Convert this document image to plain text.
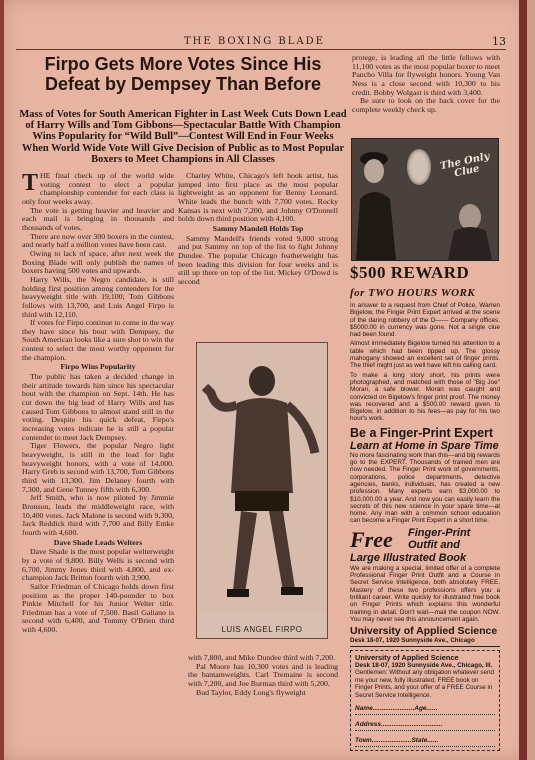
THE BOXING BLADE	13
Firpo Gets More Votes Since His Defeat by Dempsey Than Before
Mass of Votes for South American Fighter in Last Week Cuts Down Lead of Harry Wills and Tom Gibbons—Spectacular Battle With Champion Wins Popularity for “Wild Bull”—Contest Will End in Four Weeks When World Wide Vote Will Give Decision of Public as to Most Popular Boxers to Meet Champions in All Classes

THE final check up of the world wide voting contest to elect a popular championship contender for each class is only four weeks away.

The vote is getting heavier and heavier and each mail is bringing in thousands and thousands of votes.

There are now over 300 boxers in the contest, and nearly half a million votes have been cast.

Owing to lack of space, after next week the Boxing Blade will only publish the names of boxers having 500 votes and upwards.

Harry Wills, the Negro candidate, is still holding first position among contenders for the heavyweight title with 19,100; Tom Gibbons follows with 13,700, and Luis Angel Firpo is third with 12,110.

If votes for Firpo continue to come in the way they have since his bout with Dempsey, the South American looks like a sure shot to win the contest to select the most worthy opponent for the champion.

Firpo Wins Popularity

The public has taken a decided change in their attitude towards him since his spectacular bout with the champion on Sept. 14th. He has cut down the big lead of Harry Wills and has caused Tom Gibbons to almost stand still in the voting. Despite his quick defeat, Firpo's increasing votes indicate he is still a popular contender to meet Jack Dempsey.

Tiger Flowers, the popular Negro light heavyweight, is still in the lead for light heavyweight honors, with a vote of 14,000. Harry Greb is second with 13,700, Tom Gibbons third with 13,300, Jim Delaney fourth with 7,300, and Gene Tunney fifth with 6,300.

Jeff Smith, who is now piloted by Jimmie Bronson, leads the middleweight race, with 10,400 votes. Jack Malone is second with 9,300, Jack Reddick third with 7,700 and Billy Emke fourth with 4,600.

Dave Shade Leads Welters

Dave Shade is the most popular welterweight by a vote of 9,800. Billy Wells is second with 6,700, Jimmy Jones third with 4,800, and ex-champion Jack Britton fourth with 3,900.

Sailor Friedman of Chicago holds down first position as the proper 140-pounder to box Pinkie Mitchell for his Junior Welter title. Friedman has a vote of 7,500. Basil Galiano is second with 6,400, and Tommy O'Brien third with 4,600.

Charley White, Chicago's left hook artist, has jumped into first place as the most popular lightweight as an opponent for Benny Leonard. White leads the bunch with 7,700 votes. Rocky Kansas is next with 7,200, and Johnny O'Donnell holds down third position with 4,100.

Sammy Mandell Holds Top

Sammy Mandell's friends voted 9,000 strong and put Sammy on top of the list to fight Johnny Dundee. The popular Chicago featherweight has been leading this division for four weeks and is still up there on top of the list. Mickey O'Dowd is second

LUIS ANGEL FIRPO

with 7,800, and Mike Dundee third with 7,200.

Pal Moore has 10,300 votes and is leading the bantamweights. Carl Tremaine is second with 7,200, and Joe Burman third with 5,200.

Bud Taylor, Eddy Long's flyweight

protege, is leading all the little fellows with 11,100 votes as the most popular boxer to meet Pancho Villa for flyweight honors. Young Van Ness is a close second with 10,300 to his credit. Bobby Wolgast is third with 3,400.

Be sure to look on the back cover for the complete weekly check up.

The Only Clue
$500 REWARD
for TWO HOURS WORK

In answer to a request from Chief of Police, Warren Bigelow, the Finger Print Expert arrived at the scene of the daring robbery of the O—— Company offices. $5000.00 in currency was gone. Not a single clue had been found.

Almost immediately Bigelow turned his attention to a table which had been tipped up. The glossy mahogany showed an excellent set of finger prints. The thief might just as well have left his calling card.

To make a long story short, his prints were photographed, and matched with those of "Big Joe" Moran, a safe blower. Moran was caught and convicted on Bigelow's finger print proof. The money was recovered and a $500.00 reward given to Bigelow, in addition to his fees—as pay for his two hour's work.

Be a Finger-Print Expert
Learn at Home in Spare Time

No more fascinating work than this—and big rewards go to the EXPERT. Thousands of trained men are now needed. The Finger Print work of governments, corporations, police departments, detective agencies, banks, individuals, has created a new profession. Many experts earn $3,000.00 to $10,000.00 a year. And now you can easily learn the secrets of this new science in your spare time—at home. Any man with a common school education can become a Finger Print Expert in a short time.

Free Finger-Print Outfit and
Large Illustrated Book

We are making a special, limited offer of a complete Professional Finger Print Outfit and a Course in Secret Service Intelligence, both absolutely FREE. Mastery of these two professions offers you a brilliant career. Write quickly for illustrated free book on Finger Prints which explains this wonderful training in detail. Don't wait—mail the coupon NOW. You may never see this announcement again.

University of Applied Science
Desk 18-07, 1920 Sunnyside Ave., Chicago
University of Applied Science
Desk 18-07, 1920 Sunnyside Ave., Chicago, Ill.
Gentlemen: Without any obligation whatever send me your new, fully illustrated, FREE book on Finger Prints, and your offer of a FREE Course in Secret Service Intelligence.
Name.......................Age......
Address..................................
Town......................State......
